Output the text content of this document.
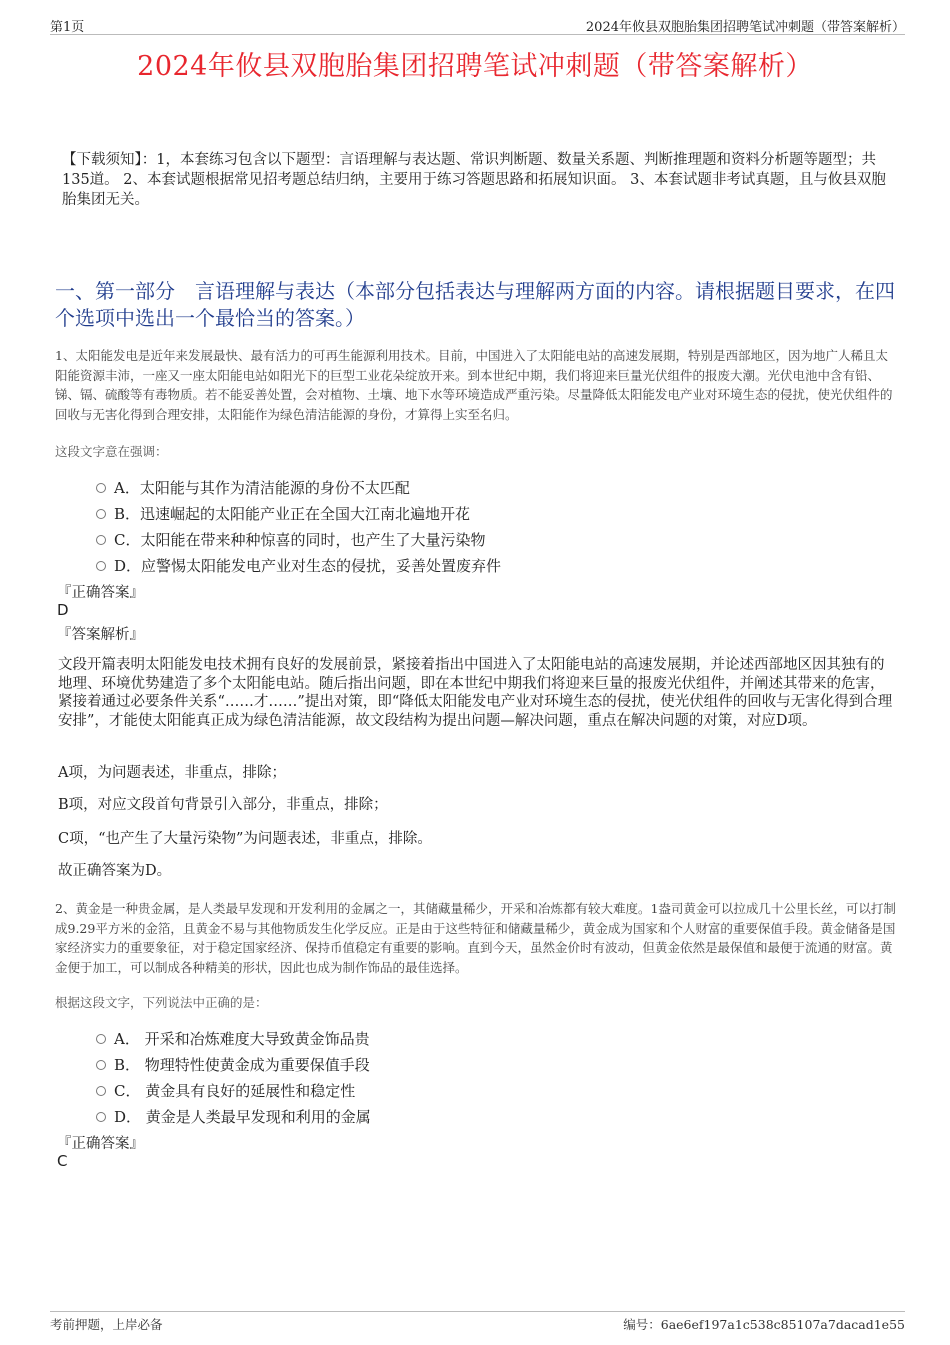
第1页	2024年攸县双胞胎集团招聘笔试冲刺题（带答案解析）
2024年攸县双胞胎集团招聘笔试冲刺题（带答案解析）
【下载须知】：1，本套练习包含以下题型：言语理解与表达题、常识判断题、数量关系题、判断推理题和资料分析题等题型；共135道。 2、本套试题根据常见招考题总结归纳，主要用于练习答题思路和拓展知识面。 3、本套试题非考试真题，且与攸县双胞胎集团无关。
一、第一部分　言语理解与表达（本部分包括表达与理解两方面的内容。请根据题目要求，在四个选项中选出一个最恰当的答案。）
1、太阳能发电是近年来发展最快、最有活力的可再生能源利用技术。目前，中国进入了太阳能电站的高速发展期，特别是西部地区，因为地广人稀且太阳能资源丰沛，一座又一座太阳能电站如阳光下的巨型工业花朵绽放开来。到本世纪中期，我们将迎来巨量光伏组件的报废大潮。光伏电池中含有铅、锑、镉、硫酸等有毒物质。若不能妥善处置，会对植物、土壤、地下水等环境造成严重污染。尽量降低太阳能发电产业对环境生态的侵扰，使光伏组件的回收与无害化得到合理安排，太阳能作为绿色清洁能源的身份，才算得上实至名归。
这段文字意在强调：
A．太阳能与其作为清洁能源的身份不太匹配
B．迅速崛起的太阳能产业正在全国大江南北遍地开花
C．太阳能在带来种种惊喜的同时，也产生了大量污染物
D．应警惕太阳能发电产业对生态的侵扰，妥善处置废弃件
『正确答案』
D
『答案解析』
文段开篇表明太阳能发电技术拥有良好的发展前景，紧接着指出中国进入了太阳能电站的高速发展期，并论述西部地区因其独有的地理、环境优势建造了多个太阳能电站。随后指出问题，即在本世纪中期我们将迎来巨量的报废光伏组件，并阐述其带来的危害，紧接着通过必要条件关系“……才……”提出对策，即“降低太阳能发电产业对环境生态的侵扰，使光伏组件的回收与无害化得到合理安排”，才能使太阳能真正成为绿色清洁能源，故文段结构为提出问题—解决问题，重点在解决问题的对策，对应D项。
A项，为问题表述，非重点，排除；
B项，对应文段首句背景引入部分，非重点，排除；
C项，“也产生了大量污染物”为问题表述，非重点，排除。
故正确答案为D。
2、黄金是一种贵金属，是人类最早发现和开发利用的金属之一，其储藏量稀少，开采和冶炼都有较大难度。1盎司黄金可以拉成几十公里长丝，可以打制成9.29平方米的金箔，且黄金不易与其他物质发生化学反应。正是由于这些特征和储藏量稀少，黄金成为国家和个人财富的重要保值手段。黄金储备是国家经济实力的重要象征，对于稳定国家经济、保持币值稳定有重要的影响。直到今天，虽然金价时有波动，但黄金依然是最保值和最便于流通的财富。黄金便于加工，可以制成各种精美的形状，因此也成为制作饰品的最佳选择。
根据这段文字，下列说法中正确的是：
A． 开采和冶炼难度大导致黄金饰品贵
B． 物理特性使黄金成为重要保值手段
C． 黄金具有良好的延展性和稳定性
D． 黄金是人类最早发现和利用的金属
『正确答案』
C
考前押题，上岸必备	编号：6ae6ef197a1c538c85107a7dacad1e55
